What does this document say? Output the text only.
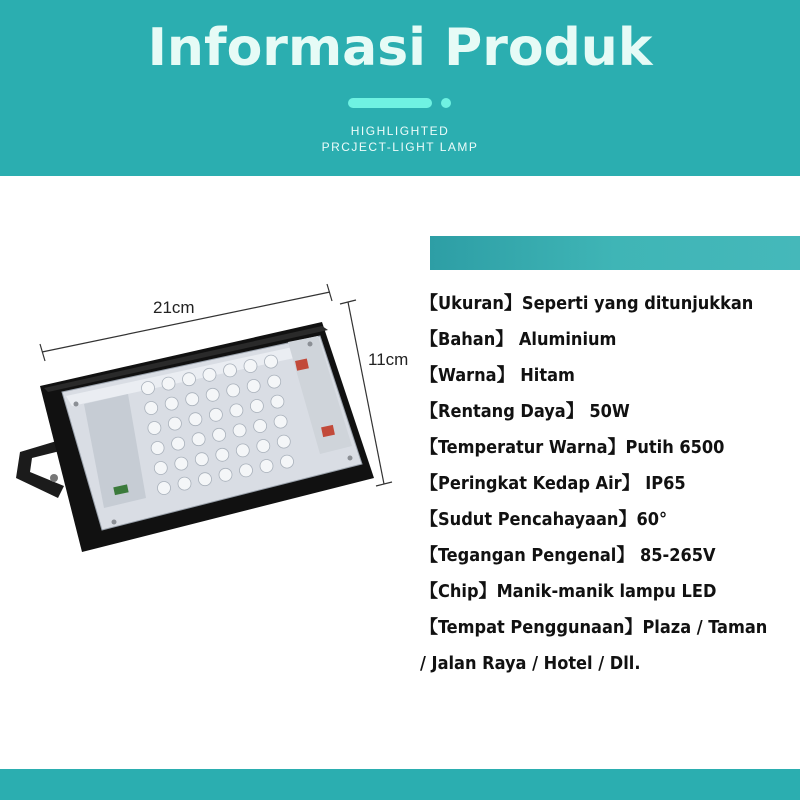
Informasi Produk
HIGHLIGHTED
PRCJECT-LIGHT LAMP
21cm
11cm
【Ukuran】Seperti yang ditunjukkan
【Bahan】 Aluminium
【Warna】 Hitam
【Rentang Daya】 50W
【Temperatur Warna】Putih 6500
【Peringkat Kedap Air】 IP65
【Sudut Pencahayaan】60°
【Tegangan Pengenal】 85-265V
【Chip】Manik-manik lampu LED
【Tempat Penggunaan】Plaza / Taman
/ Jalan Raya / Hotel / Dll.
